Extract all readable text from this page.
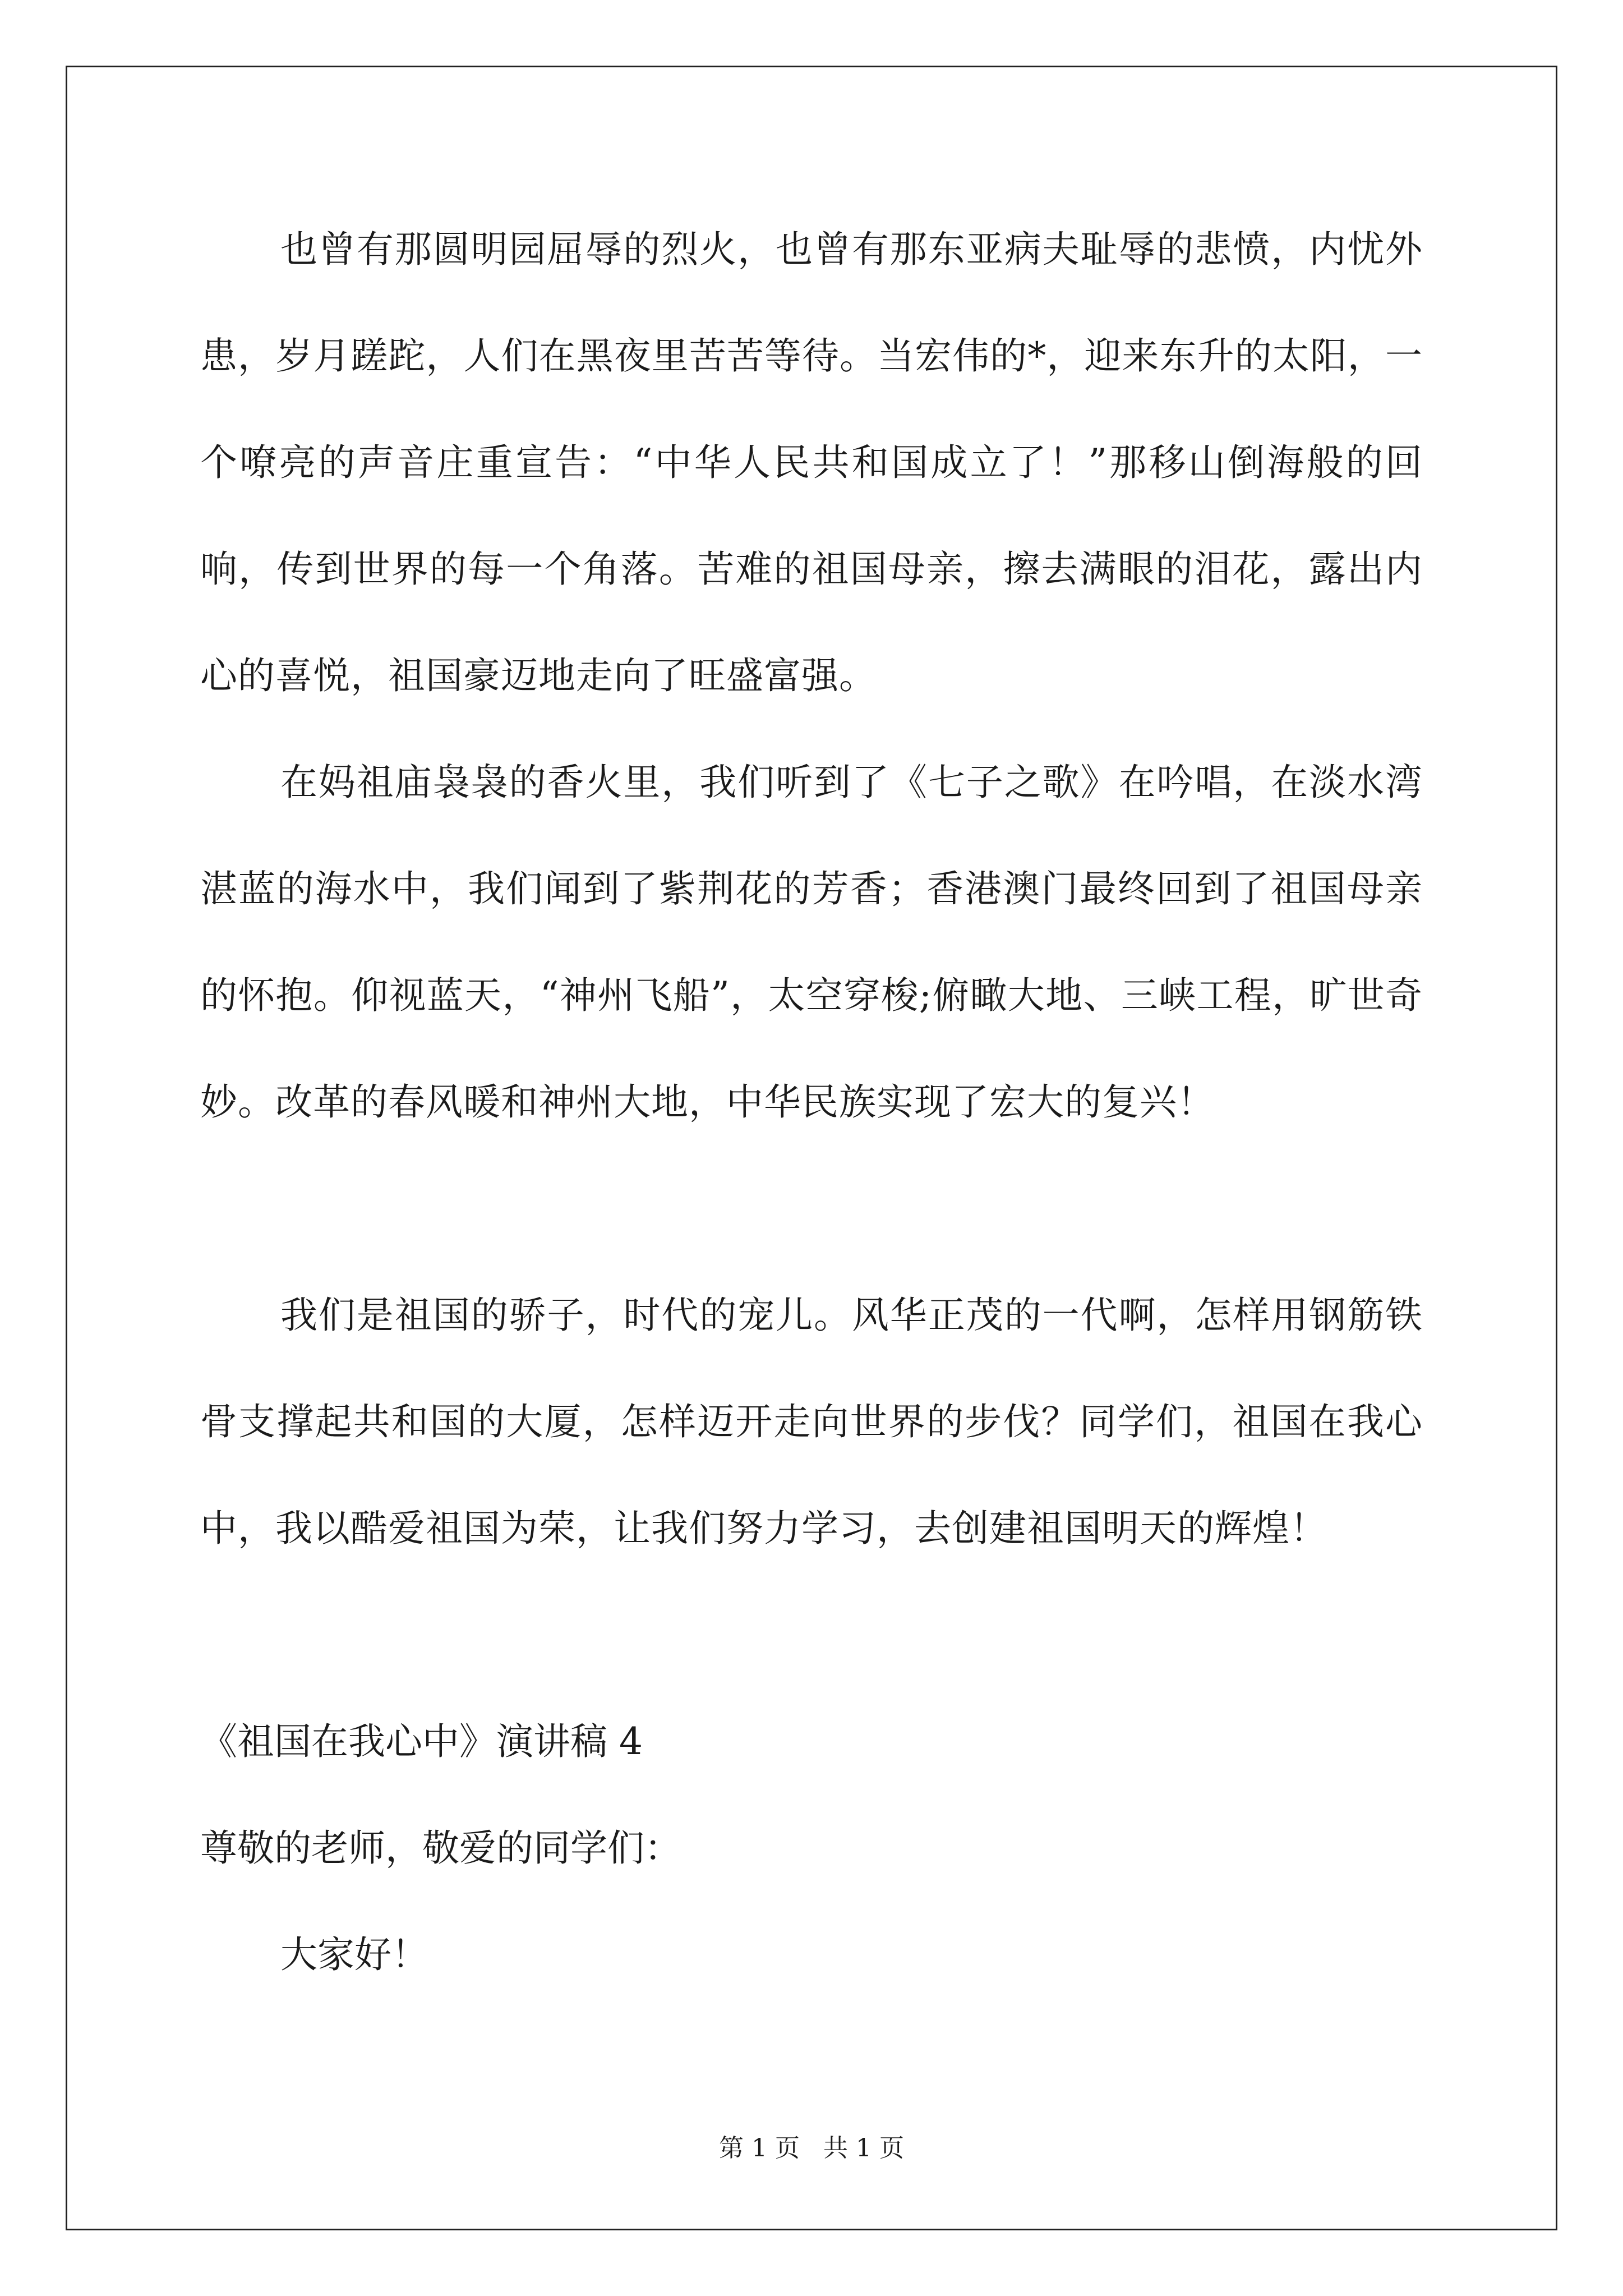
也曾有那圆明园屈辱的烈火，也曾有那东亚病夫耻辱的悲愤，内忧外患，岁月蹉跎，人们在黑夜里苦苦等待。当宏伟的*，迎来东升的太阳，一个嘹亮的声音庄重宣告：“中华人民共和国成立了！”那移山倒海般的回响，传到世界的每一个角落。苦难的祖国母亲，擦去满眼的泪花，露出内心的喜悦，祖国豪迈地走向了旺盛富强。

在妈祖庙袅袅的香火里，我们听到了《七子之歌》在吟唱，在淡水湾湛蓝的海水中，我们闻到了紫荆花的芳香；香港澳门最终回到了祖国母亲的怀抱。仰视蓝天，“神州飞船”，太空穿梭;俯瞰大地、三峡工程，旷世奇妙。改革的春风暖和神州大地，中华民族实现了宏大的复兴！

我们是祖国的骄子，时代的宠儿。风华正茂的一代啊，怎样用钢筋铁骨支撑起共和国的大厦，怎样迈开走向世界的步伐？同学们，祖国在我心中，我以酷爱祖国为荣，让我们努力学习，去创建祖国明天的辉煌！

《祖国在我心中》演讲稿 4
尊敬的老师，敬爱的同学们：
大家好！
第 1 页   共 1 页
